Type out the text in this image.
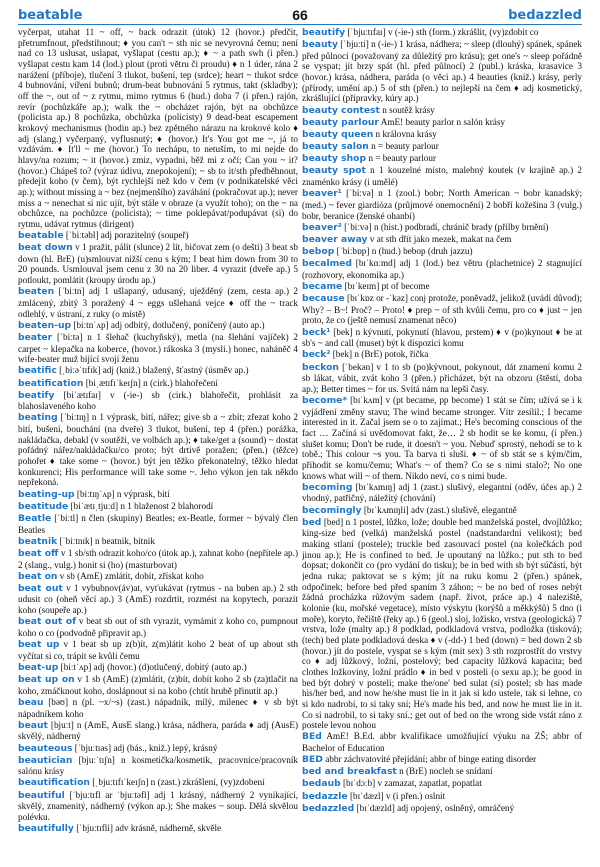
beatable	66	bedazzled

vyčerpat, utahat 11 ~ off, ~ back odrazit (útok) 12 (hovor.) předčit, přetrumfnout, předstihnout; ♦ you can't ~ sth nic se nevyrovná čemu; není nad co 13 uslusat, uslapat, vyšlapat (cestu ap.); ♦ ~ a path swh (i přen.) vyšlapat cestu kam 14 (lod.) plout (proti větru či proudu) ♦ n 1 úder, rána 2 narážení (příboje), tlučení 3 tlukot, bušení, tep (srdce); heart ~ tlukot srdce 4 bubnování, víření bubnů; drum-beat bubnování 5 rytmus, takt (skladby); off the ~, out of ~ z rytmu, mimo rytmus 6 (hud.) doba 7 (i přen.) rajón, revír (pochůzkáře ap.); walk the ~ obcházet rajón, být na obchůzce (policista ap.) 8 pochůzka, obchůzka (policisty) 9 dead-beat escapement krokový mechanismus (hodin ap.) bez zpětného nárazu na krokové kolo ♦ adj (slang.) vyčerpaný, vyflusnutý; ♦ (hovor.) It's You got me ~, já to vzdávám. ♦ It'll ~ me (hovor.) To nechápu, to netuším, to mi nejde do hlavy/na rozum; ~ it (hovor.) zmiz, vypadni, běž mi z očí; Can you ~ it? (hovor.) Chápeš to? (výraz údivu, znepokojení); ~ sb to it/sth předběhnout, předejít koho (v čem), být rychlejší než kdo v čem (v podnikatelské věci ap.); without missing a ~ bez (nejmenšího) zaváhání (pokračovat ap.); never miss a ~ nenechat si nic ujít, být stále v obraze (a využít toho); on the ~ na obchůzce, na pochůzce (policista); ~ time poklepávat/podupávat (si) do rytmu, udávat rytmus (dirigent)

beatable [ˈbiːtəbl] adj porazitelný (soupeř)

beat down v 1 pražit, pálit (slunce) 2 lít, bičovat zem (o dešti) 3 beat sb down (hl. BrE) (u)smlouvat nižší cenu s kým; I beat him down from 30 to 20 pounds. Usmlouval jsem cenu z 30 na 20 liber. 4 vyrazit (dveře ap.) 5 potloukt, pomlátit (kroupy úrodu ap.)

beaten [ˈbiːtn] adj 1 ušlapaný, udusaný, uježděný (zem, cesta ap.) 2 zmlácený, zbitý 3 poražený 4 ~ eggs ušlehaná vejce ♦ off the ~ track odlehlý, v ústraní, z ruky (o místě)

beaten-up [biːtnˈʌp] adj odbitý, dotlučený, poničený (auto ap.)

beater [ˈbiːtə] n 1 šlehač (kuchyňský), metla (na šlehání vajíček) 2 carpet ~ klepačka na koberce, (hovor.) rákoska 3 (myslí.) honec, naháněč 4 wife-beater muž bijící svojí ženu

beatific [ˌbiːəˈtɪfɪk] adj (kniž.) blažený, šťastný (úsměv ap.)

beatification [biˌætɪfɪˈkeɪʃn] n (cirk.) blahořečení

beatify [biˈætɪfaɪ] v (-ie-) sb (cirk.) blahořečit, prohlásit za blahoslaveného koho

beating [ˈbiːtɪŋ] n 1 výprask, bití, nářez; give sb a ~ zbít; zřezat koho 2 bití, bušení, bouchání (na dveře) 3 tlukot, bušení, tep 4 (přen.) porážka, nakládačka, debakl (v soutěži, ve volbách ap.); ♦ take/get a (sound) ~ dostat pořádný nářez/nakládačku/co proto; být drtivě poražen; (přen.) (těžce) pohořet ♦ take some ~ (hovor.) být jen těžko překonatelný, těžko hledat konkurenci; His performance will take some ~. Jeho výkon jen tak někdo nepřekoná.

beating-up [biːtɪŋˈʌp] n výprask, bití

beatitude [biˈætɪˌtjuːd] n 1 blaženost 2 blahorodí

Beatle [ˈbiːtl] n člen (skupiny) Beatles; ex-Beatle, former ~ bývalý člen Beatles

beatnik [ˈbiːtnɪk] n beatnik, bítnik

beat off v 1 sb/sth odrazit koho/co (útok ap.), zahnat koho (nepřítele ap.) 2 (slang., vulg.) honit si (ho) (masturbovat)

beat on v sb (AmE) zmlátit, dobít, zřískat koho

beat out v 1 vybubnov(áv)at, vyťukávat (rytmus - na buben ap.) 2 sth udusit co (oheň věcí ap.) 3 (AmE) rozdrtit, rozmést na kopytech, porazit koho (soupeře ap.)

beat out of v beat sb out of sth vyrazit, vymámit z koho co, pumpnout koho o co (podvodně připravit ap.)

beat up v 1 beat sb up z(b)ít, z(m)látit koho 2 beat of up about sth vyčítat si co, trápit se kvůli čemu

beat-up [biːtˈʌp] adj (hovor.) (d)otlučený, dobitý (auto ap.)

beat up on v 1 sb (AmE) (z)mlátit, (z)bít, dobít koho 2 sb (za)tlačit na koho, zmáčknout koho, doslápnout si na koho (chtít hrubě přinutit ap.)

beau [bəʊ] n (pl. ~x/~s) (zast.) nápadník, milý, milenec ♦ v sb být nápadníkem koho

beaut [bjuːt] n (AmE, AusE slang.) krása, nádhera, paráda ♦ adj (AusE) skvělý, nádherný

beauteous [ˈbjuːtɪəs] adj (bás., kniž.) lepý, krásný

beautician [bjuːˈtɪʃn] n kosmetička/kosmetik, pracovnice/pracovník salónu krásy

beautification [ˌbjuːtɪfɪˈkeɪʃn] n (zast.) zkrášlení, (vy)zdobení

beautiful [ˈbjuːtɪfl ar ˈbjuːtəfl] adj 1 krásný, nádherný 2 vynikající, skvělý, znamenitý, nádherný (výkon ap.); She makes ~ soup. Dělá skvělou polévku.

beautifully [ˈbjuːtɪfli] adv krásně, nádherně, skvěle

beautify [ˈbjuːtɪfaɪ] v (-ie-) sth (form.) zkrášlit, (vy)zdobit co

beauty [ˈbjuːti] n (-ie-) 1 krása, nádhera; ~ sleep (dlouhý) spánek, spánek před půlnocí (považovaný za důležitý pro krásu); get one's ~ sleep pořádně se vyspat; jít brzy spát (hl. před půlnocí) 2 (publ.) kráska, krasavice 3 (hovor.) krása, nádhera, paráda (o věci ap.) 4 beauties (kniž.) krásy, perly (přírody, umění ap.) 5 of sth (přen.) to nejlepší na čem ♦ adj kosmetický, zkrášlující (přípravky, kúry ap.)

beauty contest n soutěž krásy

beauty parlour AmE! beauty parlor n salón krásy

beauty queen n královna krásy

beauty salon n = beauty parlour

beauty shop n = beauty parlour

beauty spot n 1 kouzelné místo, malebný koutek (v krajině ap.) 2 znaménko krásy (i umělé)

beaver¹ [ˈbiːvə] n 1 (zool.) bobr; North American ~ bobr kanadský; (med.) ~ fever giardióza (průjmové onemocnění) 2 bobří kožešina 3 (vulg.) bobr, beranice (ženské ohanbí)

beaver² [ˈbiːvə] n (hist.) podbradí, chránič brady (přilby brnění)

beaver away v at sth dřít jako mezek, makat na čem

bebop [ˈbiːbɒp] n (hud.) bebop (druh jazzu)

becalmed [bɪˈkɑːmd] adj 1 (lod.) bez větru (plachetnice) 2 stagnující (rozhovory, ekonomika ap.)

became [bɪˈkeɪm] pt of become

because [bɪˈkɒz or -ˈkəz] conj protože, poněvadž, jelikož (uvádí důvod); Why? – B~! Proč? – Proto! ♦ prep ~ of sth kvůli čemu, pro co ♦ just ~ jen proto, že co (ještě nemusí znamenat něco)

beck¹ [bek] n kývnutí, pokynutí (hlavou, prstem) ♦ v (po)kynout ♦ be at sb's ~ and call (muset) být k dispozici komu

beck² [bek] n (BrE) potok, říčka

beckon [ˈbekən] v 1 to sb (po)kývnout, pokynout, dát znamení komu 2 sb lákat, vábit, zvát koho 3 (přen.) přicházet, být na obzoru (štěstí, doba ap.); Better times ~ for us. Svítá nám na lepší časy.

become* [bɪˈkʌm] v (pt became, pp become) 1 stát se čím; užívá se i k vyjádření změny stavu; The wind became stronger. Vítr zesílil.; I became interested in it. Začal jsem se o to zajímat.; He's becoming conscious of the fact … Začíná si uvědomovat fakt, že… 2 sb hodit se ke komu, (i přen.) slušet komu; Don't be rude, it doesn't ~ you. Nebuď sprostý, nehodí se to k tobě.; This colour ~s you. Ta barva ti sluší. ♦ ~ of sb stát se s kým/čím, přihodit se komu/čemu; What's ~ of them? Co se s nimi stalo?; No one knows what will ~ of them. Nikdo neví, co s nimi bude.

becoming [bɪˈkʌmɪŋ] adj 1 (zast.) slušivý, elegantní (oděv, účes ap.) 2 vhodný, patřičný, náležitý (chování)

becomingly [bɪˈkʌmɪŋli] adv (zast.) slušivě, elegantně

bed [bed] n 1 postel, lůžko, lože; double bed manželská postel, dvojlůžko; king-size bed (velká) manželská postel (nadstandardní velikost); bed making stlaní (postele); truckle bed zasouvací postel (na kolečkách pod jinou ap.); He is confined to bed. Je upoutaný na lůžko.; put sth to bed dopsat; dokončit co (pro vydání do tisku); be in bed with sb být súčástí, být jedna ruka; paktovat se s kým; jít na ruku komu 2 (přen.) spánek, odpočinek; before bed před spaním 3 záhon; ~ be no bed of roses nebýt žádná procházka růžovým sadem (např. život, práce ap.) 4 naleziště, kolonie (ku, mořské vegetace), místo výskytu (korýšů a měkkýšů) 5 dno (i moře), koryto, řečiště (řeky ap.) 6 (geol.) sloj, ložisko, vrstva (geologická) 7 vrstva, lože (malty ap.) 8 podklad, podkladová vrstva, podložka (tisková); (tech) bed plate podkladová deska ♦ v (-dd-) 1 bed (down) = bed down 2 sb (hovor.) jít do postele, vyspat se s kým (mit sex) 3 sth rozprostřít do vrstvy co ♦ adj lůžkový, ložní, postelový; bed capacity lůžková kapacita; bed clothes ložkoviny, ložní prádlo ♦ in bed v posteli (o sexu ap.); be good in bed být dobrý v posteli; make the/one' bed sulat (si) postel; sb has made his/her bed, and now he/she must lie in it jak si kdo ustele, tak si lehne, co si kdo nadrobí, to si taky sní; He's made his bed, and now he must lie in it. Co si nadrobil, to si taky sní.; get out of bed on the wrong side vstát ráno z postele levou nohou

BEd AmE! B.Ed. abbr kvalifikace umožňující výuku na ZŠ; abbr of Bachelor of Education

BED abbr záchvatovité přejídání; abbr of binge eating disorder

bed and breakfast n (BrE) nocleh se snídaní

bedaub [bɪˈdɔːb] v zamazat, zapatlat, popatlat

bedazzle [bɪˈdæzl] v (i přen.) oslnit

bedazzled [bɪˈdæzld] adj opojený, oslněný, omráčený
